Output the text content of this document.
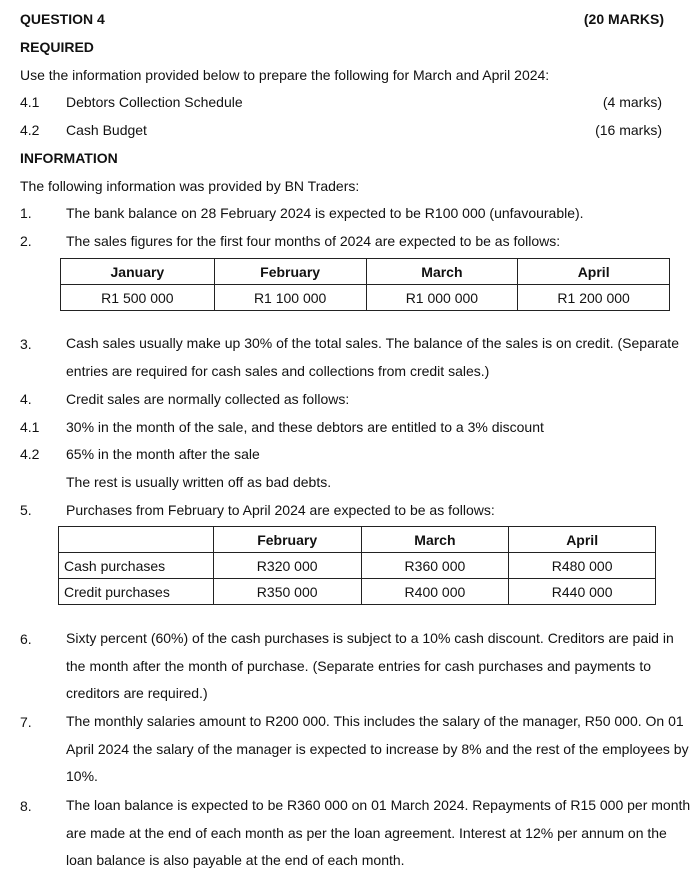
QUESTION 4	(20 MARKS)
REQUIRED
Use the information provided below to prepare the following for March and April 2024:
4.1 Debtors Collection Schedule	(4 marks)
4.2 Cash Budget	(16 marks)
INFORMATION
The following information was provided by BN Traders:
1. The bank balance on 28 February 2024 is expected to be R100 000 (unfavourable).
2. The sales figures for the first four months of 2024 are expected to be as follows:
January	February	March	April
R1 500 000	R1 100 000	R1 000 000	R1 200 000
3. Cash sales usually make up 30% of the total sales. The balance of the sales is on credit. (Separate
entries are required for cash sales and collections from credit sales.)
4. Credit sales are normally collected as follows:
4.1 30% in the month of the sale, and these debtors are entitled to a 3% discount
4.2 65% in the month after the sale
The rest is usually written off as bad debts.
5. Purchases from February to April 2024 are expected to be as follows:
	February	March	April
Cash purchases	R320 000	R360 000	R480 000
Credit purchases	R350 000	R400 000	R440 000
6. Sixty percent (60%) of the cash purchases is subject to a 10% cash discount. Creditors are paid in
the month after the month of purchase. (Separate entries for cash purchases and payments to
creditors are required.)
7. The monthly salaries amount to R200 000. This includes the salary of the manager, R50 000. On 01
April 2024 the salary of the manager is expected to increase by 8% and the rest of the employees by
10%.
8. The loan balance is expected to be R360 000 on 01 March 2024. Repayments of R15 000 per month
are made at the end of each month as per the loan agreement. Interest at 12% per annum on the
loan balance is also payable at the end of each month.
